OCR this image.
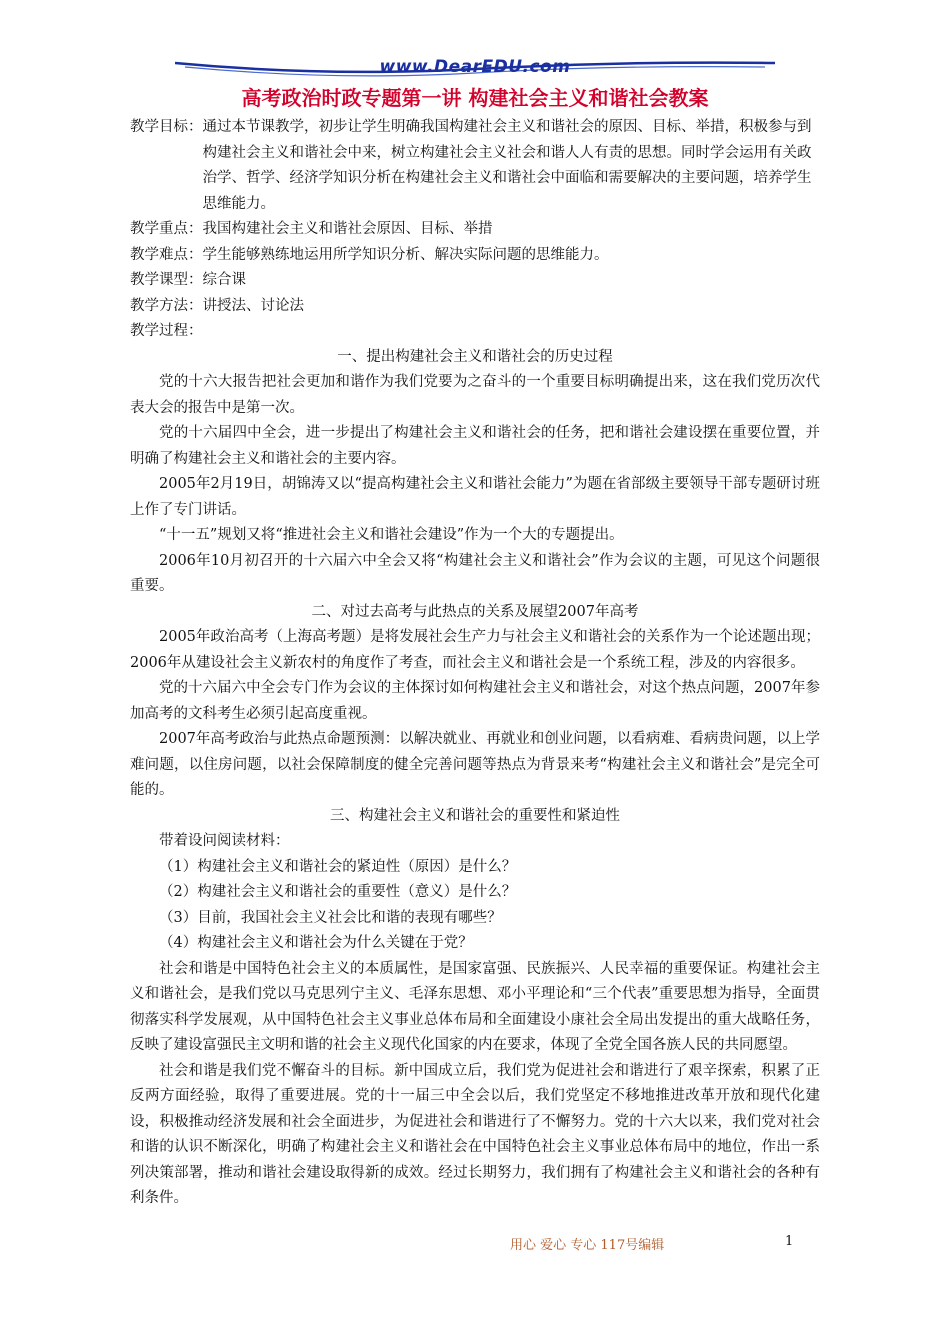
www.DearEDU.com
高考政治时政专题第一讲 构建社会主义和谐社会教案
教学目标： 通过本节课教学，初步让学生明确我国构建社会主义和谐社会的原因、目标、举措，积极参与到构建社会主义和谐社会中来，树立构建社会主义社会和谐人人有责的思想。同时学会运用有关政治学、哲学、经济学知识分析在构建社会主义和谐社会中面临和需要解决的主要问题，培养学生思维能力。
教学重点： 我国构建社会主义和谐社会原因、目标、举措
教学难点： 学生能够熟练地运用所学知识分析、解决实际问题的思维能力。
教学课型： 综合课
教学方法： 讲授法、讨论法
教学过程：
一、提出构建社会主义和谐社会的历史过程

党的十六大报告把社会更加和谐作为我们党要为之奋斗的一个重要目标明确提出来，这在我们党历次代表大会的报告中是第一次。

党的十六届四中全会，进一步提出了构建社会主义和谐社会的任务，把和谐社会建设摆在重要位置，并明确了构建社会主义和谐社会的主要内容。

2005年2月19日，胡锦涛又以“提高构建社会主义和谐社会能力”为题在省部级主要领导干部专题研讨班上作了专门讲话。

“十一五”规划又将“推进社会主义和谐社会建设”作为一个大的专题提出。

2006年10月初召开的十六届六中全会又将“构建社会主义和谐社会”作为会议的主题，可见这个问题很重要。

二、对过去高考与此热点的关系及展望2007年高考

2005年政治高考（上海高考题）是将发展社会生产力与社会主义和谐社会的关系作为一个论述题出现；2006年从建设社会主义新农村的角度作了考查，而社会主义和谐社会是一个系统工程，涉及的内容很多。

党的十六届六中全会专门作为会议的主体探讨如何构建社会主义和谐社会，对这个热点问题，2007年参加高考的文科考生必须引起高度重视。

2007年高考政治与此热点命题预测：以解决就业、再就业和创业问题，以看病难、看病贵问题，以上学难问题，以住房问题，以社会保障制度的健全完善问题等热点为背景来考“构建社会主义和谐社会”是完全可能的。

三、构建社会主义和谐社会的重要性和紧迫性

带着设问阅读材料：

（1）构建社会主义和谐社会的紧迫性（原因）是什么？

（2）构建社会主义和谐社会的重要性（意义）是什么？

（3）目前，我国社会主义社会比和谐的表现有哪些？

（4）构建社会主义和谐社会为什么关键在于党？

社会和谐是中国特色社会主义的本质属性，是国家富强、民族振兴、人民幸福的重要保证。构建社会主义和谐社会，是我们党以马克思列宁主义、毛泽东思想、邓小平理论和“三个代表”重要思想为指导，全面贯彻落实科学发展观，从中国特色社会主义事业总体布局和全面建设小康社会全局出发提出的重大战略任务，反映了建设富强民主文明和谐的社会主义现代化国家的内在要求，体现了全党全国各族人民的共同愿望。

社会和谐是我们党不懈奋斗的目标。新中国成立后，我们党为促进社会和谐进行了艰辛探索，积累了正反两方面经验，取得了重要进展。党的十一届三中全会以后，我们党坚定不移地推进改革开放和现代化建设，积极推动经济发展和社会全面进步，为促进社会和谐进行了不懈努力。党的十六大以来，我们党对社会和谐的认识不断深化，明确了构建社会主义和谐社会在中国特色社会主义事业总体布局中的地位，作出一系列决策部署，推动和谐社会建设取得新的成效。经过长期努力，我们拥有了构建社会主义和谐社会的各种有利条件。

用心 爱心 专心 117号编辑	1
